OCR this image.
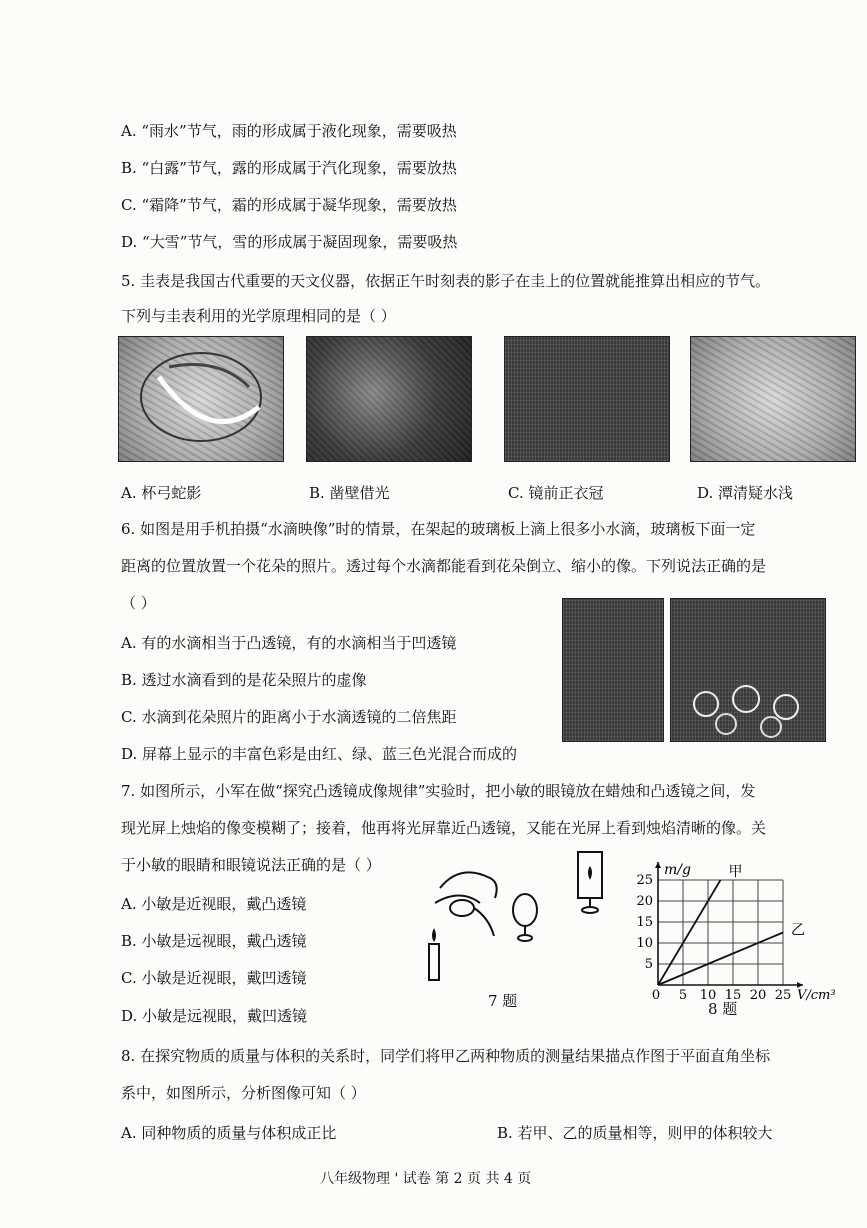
A. “雨水”节气，雨的形成属于液化现象，需要吸热
B. “白露”节气，露的形成属于汽化现象，需要放热
C. “霜降”节气，霜的形成属于凝华现象，需要放热
D. “大雪”节气，雪的形成属于凝固现象，需要吸热
5. 圭表是我国古代重要的天文仪器，依据正午时刻表的影子在圭上的位置就能推算出相应的节气。
下列与圭表利用的光学原理相同的是（ ）
A. 杯弓蛇影	B. 凿壁借光	C. 镜前正衣冠	D. 潭清疑水浅
6. 如图是用手机拍摄“水滴映像”时的情景，在架起的玻璃板上滴上很多小水滴，玻璃板下面一定
距离的位置放置一个花朵的照片。透过每个水滴都能看到花朵倒立、缩小的像。下列说法正确的是
（ ）
A. 有的水滴相当于凸透镜，有的水滴相当于凹透镜
B. 透过水滴看到的是花朵照片的虚像
C. 水滴到花朵照片的距离小于水滴透镜的二倍焦距
D. 屏幕上显示的丰富色彩是由红、绿、蓝三色光混合而成的
7. 如图所示，小军在做“探究凸透镜成像规律”实验时，把小敏的眼镜放在蜡烛和凸透镜之间，发
现光屏上烛焰的像变模糊了；接着，他再将光屏靠近凸透镜，又能在光屏上看到烛焰清晰的像。关
于小敏的眼睛和眼镜说法正确的是（ ）
A. 小敏是近视眼，戴凸透镜
B. 小敏是远视眼，戴凸透镜
C. 小敏是近视眼，戴凹透镜
D. 小敏是远视眼，戴凹透镜
7 题	0 5 10 15 20 25
5
10
15
20
25
m/g
V/cm³
甲
乙
8 题
8. 在探究物质的质量与体积的关系时，同学们将甲乙两种物质的测量结果描点作图于平面直角坐标
系中，如图所示，分析图像可知（ ）
A. 同种物质的质量与体积成正比	B. 若甲、乙的质量相等，则甲的体积较大
八年级物理 ' 试卷 第 2 页 共 4 页
